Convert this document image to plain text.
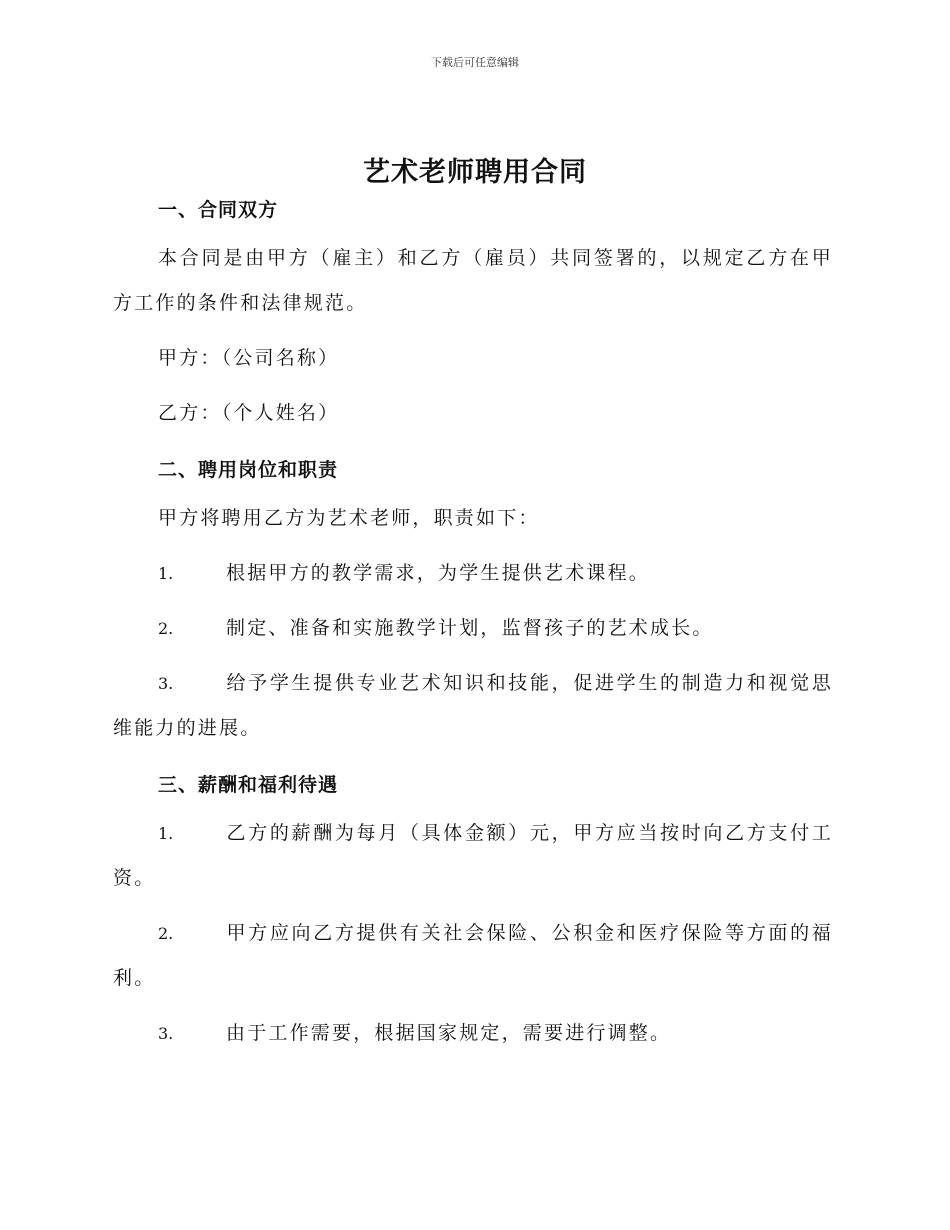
下载后可任意编辑
艺术老师聘用合同

一、合同双方

本合同是由甲方（雇主）和乙方（雇员）共同签署的，以规定乙方在甲方工作的条件和法律规范。

甲方：（公司名称）

乙方：（个人姓名）

二、聘用岗位和职责

甲方将聘用乙方为艺术老师，职责如下：

1.	根据甲方的教学需求，为学生提供艺术课程。

2.	制定、准备和实施教学计划，监督孩子的艺术成长。

3.	给予学生提供专业艺术知识和技能，促进学生的制造力和视觉思维能力的进展。

三、薪酬和福利待遇

1.	乙方的薪酬为每月（具体金额）元，甲方应当按时向乙方支付工资。

2.	甲方应向乙方提供有关社会保险、公积金和医疗保险等方面的福利。

3.	由于工作需要，根据国家规定，需要进行调整。
